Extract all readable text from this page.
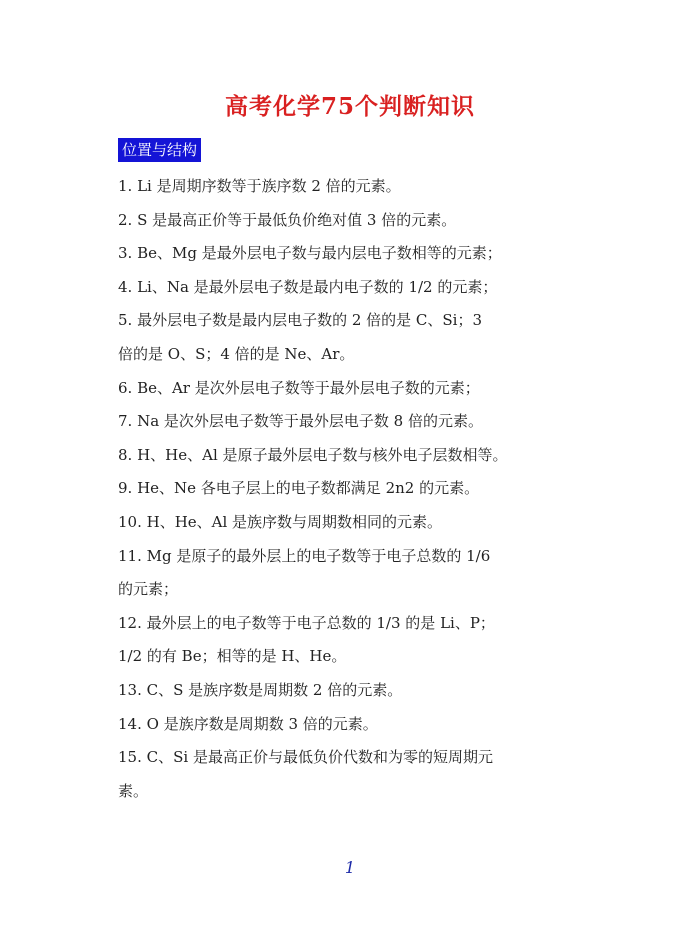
高考化学75个判断知识
位置与结构
1. Li 是周期序数等于族序数 2 倍的元素。
2. S 是最高正价等于最低负价绝对值 3 倍的元素。
3. Be、Mg 是最外层电子数与最内层电子数相等的元素；
4. Li、Na 是最外层电子数是最内电子数的 1/2 的元素；
5. 最外层电子数是最内层电子数的 2 倍的是 C、Si；3
倍的是 O、S；4 倍的是 Ne、Ar。
6. Be、Ar 是次外层电子数等于最外层电子数的元素；
7. Na 是次外层电子数等于最外层电子数 8 倍的元素。
8. H、He、Al 是原子最外层电子数与核外电子层数相等。
9. He、Ne 各电子层上的电子数都满足 2n2 的元素。
10. H、He、Al 是族序数与周期数相同的元素。
11. Mg 是原子的最外层上的电子数等于电子总数的 1/6
的元素；
12. 最外层上的电子数等于电子总数的 1/3 的是 Li、P；
1/2 的有 Be；相等的是 H、He。
13. C、S 是族序数是周期数 2 倍的元素。
14. O 是族序数是周期数 3 倍的元素。
15. C、Si 是最高正价与最低负价代数和为零的短周期元
素。
1
